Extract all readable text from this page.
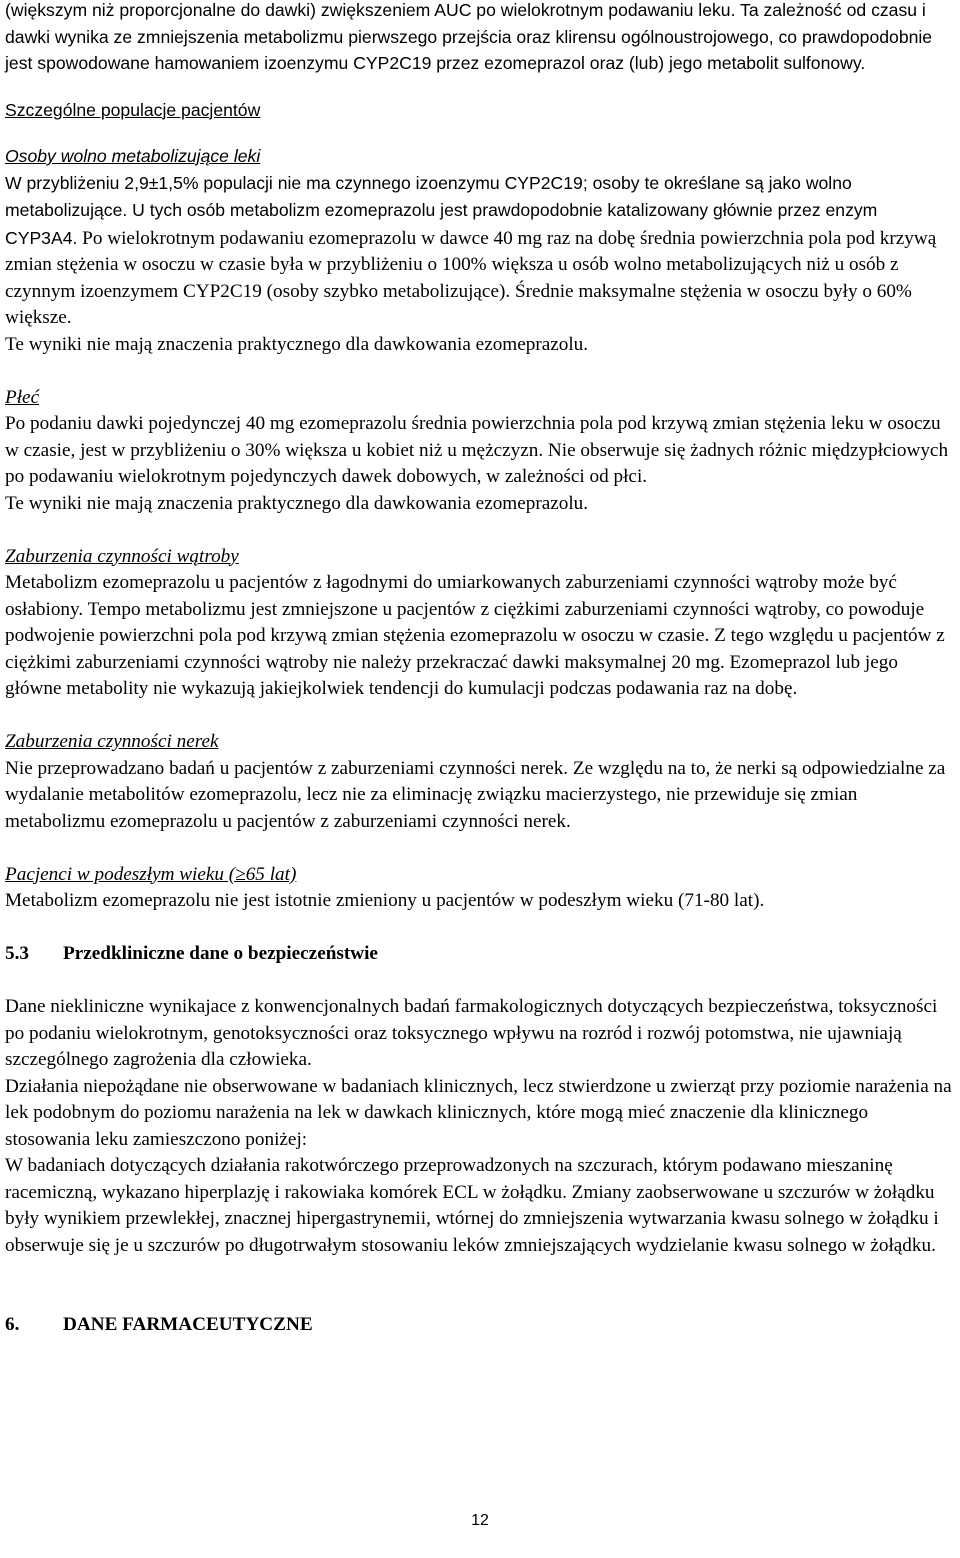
(większym niż proporcjonalne do dawki) zwiększeniem AUC po wielokrotnym podawaniu leku. Ta zależność od czasu i dawki wynika ze zmniejszenia metabolizmu pierwszego przejścia oraz klirensu ogólnoustrojowego, co prawdopodobnie jest spowodowane hamowaniem izoenzymu CYP2C19 przez ezomeprazol oraz (lub) jego metabolit sulfonowy.

Szczególne populacje pacjentów

Osoby wolno metabolizujące leki

W przybliżeniu 2,9±1,5% populacji nie ma czynnego izoenzymu CYP2C19; osoby te określane są jako wolno metabolizujące. U tych osób metabolizm ezomeprazolu jest prawdopodobnie katalizowany głównie przez enzym CYP3A4. Po wielokrotnym podawaniu ezomeprazolu w dawce 40 mg raz na dobę średnia powierzchnia pola pod krzywą zmian stężenia w osoczu w czasie była w przybliżeniu o 100% większa u osób wolno metabolizujących niż u osób z czynnym izoenzymem CYP2C19 (osoby szybko metabolizujące). Średnie maksymalne stężenia w osoczu były o 60% większe.

Te wyniki nie mają znaczenia praktycznego dla dawkowania ezomeprazolu.

Płeć

Po podaniu dawki pojedynczej 40 mg ezomeprazolu średnia powierzchnia pola pod krzywą zmian stężenia leku w osoczu w czasie, jest w przybliżeniu o 30% większa u kobiet niż u mężczyzn. Nie obserwuje się żadnych różnic międzypłciowych po podawaniu wielokrotnym pojedynczych dawek dobowych, w zależności od płci.

Te wyniki nie mają znaczenia praktycznego dla dawkowania ezomeprazolu.

Zaburzenia czynności wątroby

Metabolizm ezomeprazolu u pacjentów z łagodnymi do umiarkowanych zaburzeniami czynności wątroby może być osłabiony. Tempo metabolizmu jest zmniejszone u pacjentów z ciężkimi zaburzeniami czynności wątroby, co powoduje podwojenie powierzchni pola pod krzywą zmian stężenia ezomeprazolu w osoczu w czasie. Z tego względu u pacjentów z ciężkimi zaburzeniami czynności wątroby nie należy przekraczać dawki maksymalnej 20 mg. Ezomeprazol lub jego główne metabolity nie wykazują jakiejkolwiek tendencji do kumulacji podczas podawania raz na dobę.

Zaburzenia czynności nerek

Nie przeprowadzano badań u pacjentów z zaburzeniami czynności nerek. Ze względu na to, że nerki są odpowiedzialne za wydalanie metabolitów ezomeprazolu, lecz nie za eliminację związku macierzystego, nie przewiduje się zmian metabolizmu ezomeprazolu u pacjentów z zaburzeniami czynności nerek.

Pacjenci w podeszłym wieku (≥65 lat)

Metabolizm ezomeprazolu nie jest istotnie zmieniony u pacjentów w podeszłym wieku (71-80 lat).

5.3	Przedkliniczne dane o bezpieczeństwie

Dane niekliniczne wynikajace z konwencjonalnych badań farmakologicznych dotyczących bezpieczeństwa, toksyczności po podaniu wielokrotnym, genotoksyczności oraz toksycznego wpływu na rozród i rozwój potomstwa, nie ujawniają szczególnego zagrożenia dla człowieka.

Działania niepożądane nie obserwowane w badaniach klinicznych, lecz stwierdzone u zwierząt przy poziomie narażenia na lek podobnym do poziomu narażenia na lek w dawkach klinicznych, które mogą mieć znaczenie dla klinicznego stosowania leku zamieszczono poniżej:

W badaniach dotyczących działania rakotwórczego przeprowadzonych na szczurach, którym podawano mieszaninę racemiczną, wykazano hiperplazję i rakowiaka komórek ECL w żołądku. Zmiany zaobserwowane u szczurów w żołądku były wynikiem przewlekłej, znacznej hipergastrynemii, wtórnej do zmniejszenia wytwarzania kwasu solnego w żołądku i obserwuje się je u szczurów po długotrwałym stosowaniu leków zmniejszających wydzielanie kwasu solnego w żołądku.

6.	DANE FARMACEUTYCZNE

12
